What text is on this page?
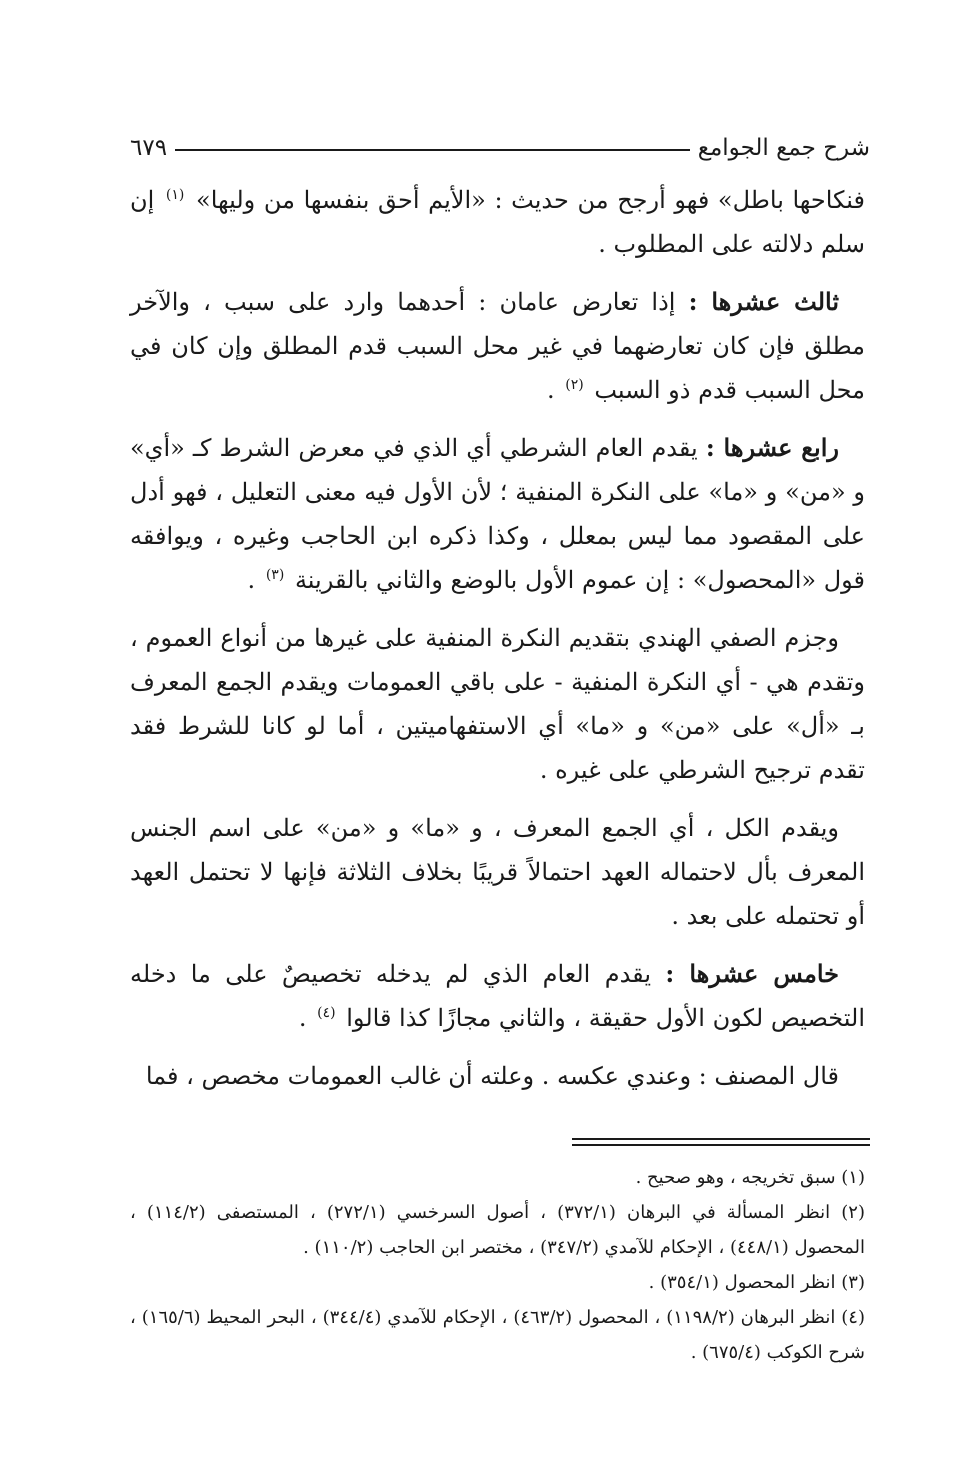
شرح جمع الجوامع
٦٧٩

فنكاحها باطل» فهو أرجح من حديث : «الأيم أحق بنفسها من وليها» $^{(١)}$ إن سلم دلالته على المطلوب .

ثالث عشرها : إذا تعارض عامان : أحدهما وارد على سبب ، والآخر مطلق فإن كان تعارضهما في غير محل السبب قدم المطلق وإن كان في محل السبب قدم ذو السبب $^{(٢)}$ .

رابع عشرها : يقدم العام الشرطي أي الذي في معرض الشرط كـ «أي» و «من» و «ما» على النكرة المنفية ؛ لأن الأول فيه معنى التعليل ، فهو أدل على المقصود مما ليس بمعلل ، وكذا ذكره ابن الحاجب وغيره ، ويوافقه قول «المحصول» : إن عموم الأول بالوضع والثاني بالقرينة $^{(٣)}$ .

وجزم الصفي الهندي بتقديم النكرة المنفية على غيرها من أنواع العموم ، وتقدم هي - أي النكرة المنفية - على باقي العمومات ويقدم الجمع المعرف بـ «أل» على «من» و «ما» أي الاستفهاميتين ، أما لو كانا للشرط فقد تقدم ترجيح الشرطي على غيره .

ويقدم الكل ، أي الجمع المعرف ، و «ما» و «من» على اسم الجنس المعرف بأل لاحتماله العهد احتمالاً قريبًا بخلاف الثلاثة فإنها لا تحتمل العهد أو تحتمله على بعد .

خامس عشرها : يقدم العام الذي لم يدخله تخصيصٌ على ما دخله التخصيص لكون الأول حقيقة ، والثاني مجازًا كذا قالوا $^{(٤)}$ .

قال المصنف : وعندي عكسه . وعلته أن غالب العمومات مخصص ، فما

(١) سبق تخريجه ، وهو صحيح .

(٢) انظر المسألة في البرهان (٣٧٢/١) ، أصول السرخسي (٢٧٢/١) ، المستصفى (١١٤/٢) ، المحصول (٤٤٨/١) ، الإحكام للآمدي (٣٤٧/٢) ، مختصر ابن الحاجب (١١٠/٢) .

(٣) انظر المحصول (٣٥٤/١) .

(٤) انظر البرهان (١١٩٨/٢) ، المحصول (٤٦٣/٢) ، الإحكام للآمدي (٣٤٤/٤) ، البحر المحيط (١٦٥/٦) ، شرح الكوكب (٦٧٥/٤) .
